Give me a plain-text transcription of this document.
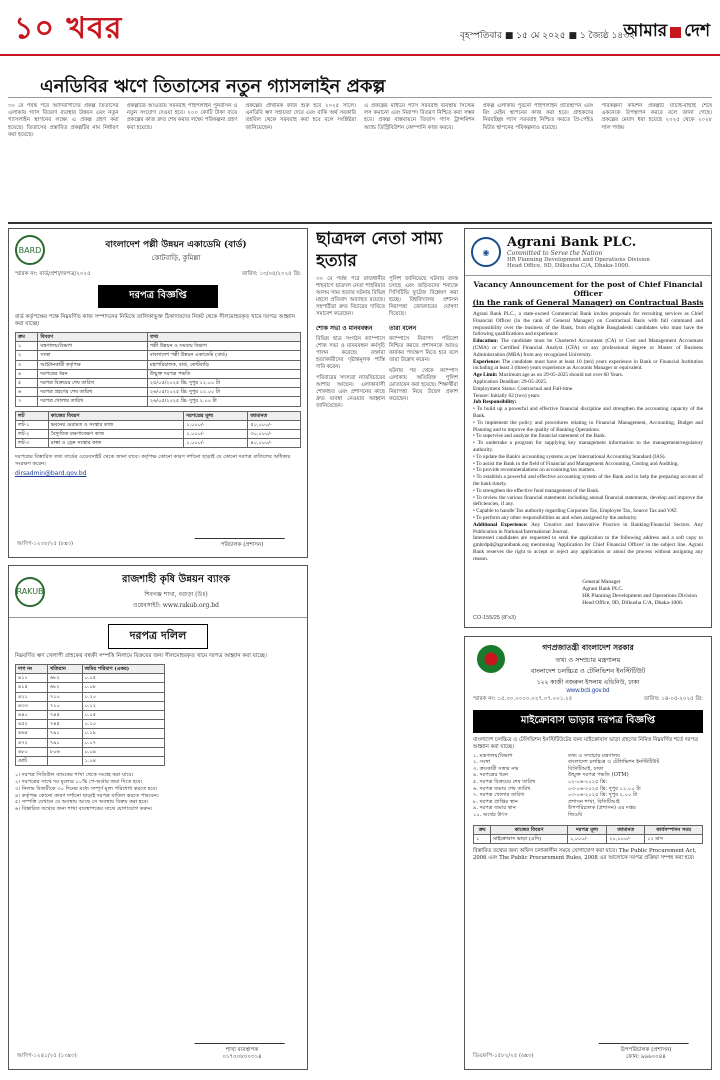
১০ খবর	বৃহস্পতিবার ■ ১৫ মে ২০২৫ ■ ১ জ্যৈষ্ঠ ১৪৩২
আমার দেশ
এনডিবির ঋণে তিতাসের নতুন গ্যাসলাইন প্রকল্প
৩০ মে পর্যন্ত পরে আদিবাসীদের প্রকল্প তিতাসের এলাকায় গ্যাস বিতরণ ব্যবস্থার উন্নয়ন এবং নতুন গ্যাসলাইন স্থাপনের লক্ষ্যে এ প্রকল্প গ্রহণ করা হয়েছে। তিতাসের প্রস্তাবিত প্রকল্পটির নাম নির্ধারণ করা হয়েছে।
প্রকল্পটির আওতায় সরবরাহ পাইপলাইন পুনর্বাসন ও নতুন সংযোগ দেওয়া হবে। ২০০ কোটি টাকা ব্যয়ে প্রকল্পের কাজ দ্রুত শেষ করার লক্ষ্যে পরিকল্পনা গ্রহণ করা হয়েছে।
প্রকল্পের প্রাথমিক কাজ শুরু হবে ২০২৫ সালে। এনডিবি ঋণ সহায়তা দেবে এবং বাকি অর্থ সরকারি তহবিল থেকে সরবরাহ করা হবে বলে সংশ্লিষ্টরা জানিয়েছেন।
এ প্রকল্পের মাধ্যমে গ্যাস সরবরাহ ব্যবস্থায় সিস্টেম লস কমানো এবং নিরাপদ বিতরণ নিশ্চিত করা সম্ভব হবে। প্রকল্প বাস্তবায়নে তিতাস গ্যাস ট্রান্সমিশন অ্যান্ড ডিস্ট্রিবিউশন কোম্পানি কাজ করবে।
প্রকল্প এলাকায় পুরনো পাইপলাইন প্রতিস্থাপন এবং রিং মেইন স্থাপনের কাজ করা হবে। গ্রাহকদের নিরবচ্ছিন্ন গ্যাস সরবরাহ নিশ্চিত করতে প্রি-পেইড মিটার স্থাপনের পরিকল্পনাও রয়েছে।
পরিকল্পনা কমিশন প্রকল্পটি যাচাই-বাছাই শেষে একনেকে উপস্থাপন করবে বলে জানা গেছে। প্রকল্পের মেয়াদ ধরা হয়েছে ২০২৫ থেকে ২০২৮ সাল পর্যন্ত।
BARD
বাংলাদেশ পল্লী উন্নয়ন একাডেমি (বার্ড)
কোটবাড়ি, কুমিল্লা
স্মারক নং: বার্ড/প্রশা/দরপত্র/২০২৫	তারিখ: ১৩/০৫/২০২৫ খ্রি:
দরপত্র বিজ্ঞপ্তি
বার্ড কর্তৃপক্ষের পক্ষে নিম্নবর্ণিত কাজ সম্পাদনের নিমিত্তে তালিকাভুক্ত ঠিকাদারদের নিকট থেকে সীলমোহরকৃত খামে দরপত্র আহ্বান করা যাচ্ছে।
ক্রম	বিবরণ	তথ্য
১	মন্ত্রণালয়/বিভাগ	পল্লী উন্নয়ন ও সমবায় বিভাগ
২	সংস্থা	বাংলাদেশ পল্লী উন্নয়ন একাডেমি (বার্ড)
৩	আহ্বানকারী কর্তৃপক্ষ	মহাপরিচালক, বার্ড, কোটবাড়ি
৪	দরপত্রের ধরন	উন্মুক্ত দরপত্র পদ্ধতি
৫	দরপত্র বিক্রয়ের শেষ তারিখ	২৫/০৫/২০২৫ খ্রি: দুপুর ১২.০০ টা
৬	দরপত্র গ্রহণের শেষ তারিখ	২৬/০৫/২০২৫ খ্রি: দুপুর ১২.০০ টা
৭	দরপত্র খোলার তারিখ	২৬/০৫/২০২৫ খ্রি: দুপুর ২.০০ টা
লট	কাজের বিবরণ	দরপত্রের মূল্য	জামানত
লট-১	ভবনের মেরামত ও সংস্কার কাজ	১,০০০/-	৫০,০০০/-
লট-২	বৈদ্যুতিক রক্ষণাবেক্ষণ কাজ	১,০০০/-	৩০,০০০/-
লট-৩	রাস্তা ও ড্রেন সংস্কার কাজ	১,০০০/-	৪০,০০০/-
দরপত্রের বিস্তারিত তথ্য বার্ডের ওয়েবসাইট থেকে জানা যাবে। কর্তৃপক্ষ কোনো কারণ দর্শানো ছাড়াই যে কোনো দরপত্র বাতিলের অধিকার সংরক্ষণ করেন।
dirsadmin@bard.gov.bd
পরিচালক (প্রশাসন)
আদিপ-১২৩৮/২৫ (৮x৩)
RAKUB
রাজশাহী কৃষি উন্নয়ন ব্যাংক
শিবগঞ্জ শাখা, বগুড়া (উঃ)
ওয়েবসাইট: www.rakub.org.bd
দরপত্র দলিল
নিম্নবর্ণিত ঋণ খেলাপী গ্রাহকের বন্ধকী সম্পত্তি নিলামে বিক্রয়ের জন্য সীলমোহরকৃত খামে দরপত্র আহ্বান করা যাচ্ছে।
দাগ নং	খতিয়ান	জমির পরিমাণ (একর)
৪১১	৬৮২	০.১৫
৪১৫	৬৮২	০.০৮
৪২১	৭১০	০.২০
৪৩৩	৭১০	০.১২
৪৪০	৭৪৫	০.০৫
৪৫২	৭৪৫	০.১০
৪৬৫	৭৯১	০.১৮
৪৭২	৭৯১	০.০৭
৪৮০	৮০৬	০.০৯
মোট		১.০৪
১। দরপত্র সিডিউল ব্যাংকের শাখা থেকে সংগ্রহ করা যাবে।
২। দরপত্রের সাথে দর মূল্যের ১০% পে-অর্ডার জমা দিতে হবে।
৩। নিলাম বিজয়ীকে ৩০ দিনের মধ্যে সম্পূর্ণ মূল্য পরিশোধ করতে হবে।
৪। কর্তৃপক্ষ কোনো কারণ দর্শানো ছাড়াই দরপত্র বাতিল করতে পারবেন।
৫। সম্পত্তি যেখানে যে অবস্থায় আছে সে অবস্থায় বিক্রয় করা হবে।
৬। বিস্তারিত তথ্যের জন্য শাখা ব্যবস্থাপকের সাথে যোগাযোগ করুন।
শাখা ব্যবস্থাপক
০১৭০০৮০০৩১৪
আদিপ-১২৪১/২৫ (১০x৩)
ছাত্রদল নেতা সাম্য হত্যার
৩০ মে পর্যন্ত পরে রাজধানীর শাহবাগে ছাত্রদল নেতা শাহরিয়ার আলম সাম্য হত্যার ঘটনায় বিভিন্ন মহলে প্রতিবাদ অব্যাহত রয়েছে। সহপাঠীরা দ্রুত বিচারের দাবিতে সমাবেশ করেছেন।
শোক সভা ও মানববন্ধন
বিভিন্ন ছাত্র সংগঠন ক্যাম্পাসে শোক সভা ও মানববন্ধন কর্মসূচি পালন করেছে। বক্তারা হত্যাকারীদের দৃষ্টান্তমূলক শাস্তি দাবি করেন।
পরিবারের সদস্যরা ন্যায়বিচারের আশায় আছেন। এলাকাবাসী শোকাহত এবং প্রশাসনের কাছে দ্রুত ব্যবস্থা নেওয়ার আহ্বান জানিয়েছেন।
পুলিশ জানিয়েছে ঘটনার তদন্ত চলছে এবং জড়িতদের শনাক্তে সিসিটিভি ফুটেজ বিশ্লেষণ করা হচ্ছে। বিশ্ববিদ্যালয় প্রশাসন নিরাপত্তা জোরদারের ঘোষণা দিয়েছে।
তারা বলেন
ক্যাম্পাসে নিরাপদ পরিবেশ নিশ্চিত করতে প্রশাসনকে আরও কার্যকর পদক্ষেপ নিতে হবে বলে তারা উল্লেখ করেন।
ঘটনার পর থেকে ক্যাম্পাস এলাকায় অতিরিক্ত পুলিশ মোতায়েন করা হয়েছে। শিক্ষার্থীরা নিরাপত্তা নিয়ে উদ্বেগ প্রকাশ করেছেন।
◉
Agrani Bank PLC.
Committed to Serve the Nation
HR Planning Development and Operations Division
Head Office, 9D, Dilkusha C/A, Dhaka-1000.
Vacancy Announcement for the post of Chief Financial Officer
(in the rank of General Manager) on Contractual Basis
Agrani Bank PLC., a state-owned Commercial Bank invites proposals for recruiting services as Chief Financial Officer (in the rank of General Manager) on Contractual Basis with full command and responsibility over the business of the Bank, from eligible Bangladeshi candidates who must have the following qualifications and experience:
Education: The candidate must be Chartered Accountant (CA) or Cost and Management Accountant (CMA) or Certified Financial Analyst (CFA) or any professional degree or Master of Business Administration (MBA) from any recognized University.
Experience: The candidate must have at least 10 (ten) years experience in Bank or Financial Institution including at least 3 (three) years experience as Accounts Manager or equivalent.
Age Limit: Maximum age as on 29-05-2025 should not over 60 Years.
Application Deadline: 29-05-2025.
Employment Status: Contractual and Full-time.
Tenure: Initially 02 (two) years.
Job Responsibility:
• To build up a powerful and effective financial discipline and strengthen the accounting capacity of the Bank.
• To implement the policy and procedures relating to Financial Management, Accounting, Budget and Planning and to improve the quality of Banking Operations.
• To supervise and analyze the financial statement of the Bank.
• To undertake a program for supplying key management information to the management/regulatory authority.
• To update the Bank's accounting systems as per International Accounting Standard (IAS).
• To assist the Bank in the field of Financial and Management Accounting, Costing and Auditing.
• To provide recommendations on accounting/tax matters.
• To establish a powerful and effective accounting system of the Bank and to help the preparing account of the bank timely.
• To strengthen the effective fund management of the Bank.
• To review the various financial statements including annual financial statements, develop and improve the deficiencies, if any.
• Capable to handle Tax authority regarding Corporate Tax, Employee Tax, Source Tax and VAT.
• To perform any other responsibilities as and when assigned by the authority.
Additional Experience: Any Creative and Innovative Practice in Banking/Financial Sectors. Any Publication in National/International Journal.
Interested candidates are requested to send the application to the following address and a soft copy to gmhrdpd@agranibank.org mentioning 'Application for Chief Financial Officer' in the subject line. Agrani Bank reserves the right to accept or reject any application or annul the process without assigning any reason.
General Manager
Agrani Bank PLC.
HR Planning Development and Operations Division
Head Office, 9D, Dilkusha C/A, Dhaka-1000.
CO-155/25 (8"x3)
গণপ্রজাতন্ত্রী বাংলাদেশ সরকার
তথ্য ও সম্প্রচার মন্ত্রণালয়
বাংলাদেশ চলচ্চিত্র ও টেলিভিশন ইনস্টিটিউট
১২২ কাজী নজরুল ইসলাম এভিনিউ, ঢাকা
www.bcti.gov.bd
স্মারক নং: ১৫.০০.০০০০.০২৭.০৭.০০১.২৫	তারিখ: ১৪-০৫-২০২৫ খ্রি:
মাইক্রোবাস ভাড়ার দরপত্র বিজ্ঞপ্তি
বাংলাদেশ চলচ্চিত্র ও টেলিভিশন ইনস্টিটিউটের জন্য মাইক্রোবাস ভাড়া গ্রহণের নিমিত্ত নিম্নবর্ণিত শর্তে দরপত্র আহ্বান করা যাচ্ছে।
১. মন্ত্রণালয়/বিভাগ	তথ্য ও সম্প্রচার মন্ত্রণালয়
২. সংস্থা	বাংলাদেশ চলচ্চিত্র ও টেলিভিশন ইনস্টিটিউট
৩. ক্রয়কারী সত্তার নাম	বিসিটিআই, ঢাকা
৪. দরপত্রের ধরন	উন্মুক্ত দরপত্র পদ্ধতি (OTM)
৫. দরপত্র বিক্রয়ের শেষ তারিখ	০২-০৬-২০২৫ খ্রি:
৬. দরপত্র জমার শেষ তারিখ	০৩-০৬-২০২৫ খ্রি: দুপুর ১২.০০ টা
৭. দরপত্র খোলার তারিখ	০৩-০৬-২০২৫ খ্রি: দুপুর ২.০০ টা
৮. দরপত্র প্রাপ্তির স্থান	প্রশাসন শাখা, বিসিটিআই
৯. দরপত্র জমার স্থান	উপপরিচালক (প্রশাসন) এর দপ্তর
১০. অর্থের উৎস	জিওবি
ক্রম	কাজের বিবরণ	দরপত্র মূল্য	জামানত	কার্যসম্পাদন সময়
১	মাইক্রোবাস ভাড়া (এসি)	১,০০০/-	২০,০০০/-	১২ মাস
বিস্তারিত তথ্যের জন্য অফিস চলাকালীন সময়ে যোগাযোগ করা যাবে। The Public Procurement Act, 2006 এবং The Public Procurement Rules, 2008 এর আলোকে দরপত্র প্রক্রিয়া সম্পন্ন করা হবে।
উপপরিচালক (প্রশাসন)
ফোন: ৯৬৬০০৪৪
ডিএফপি-১৫৮২/২৫ (৬x৩)
